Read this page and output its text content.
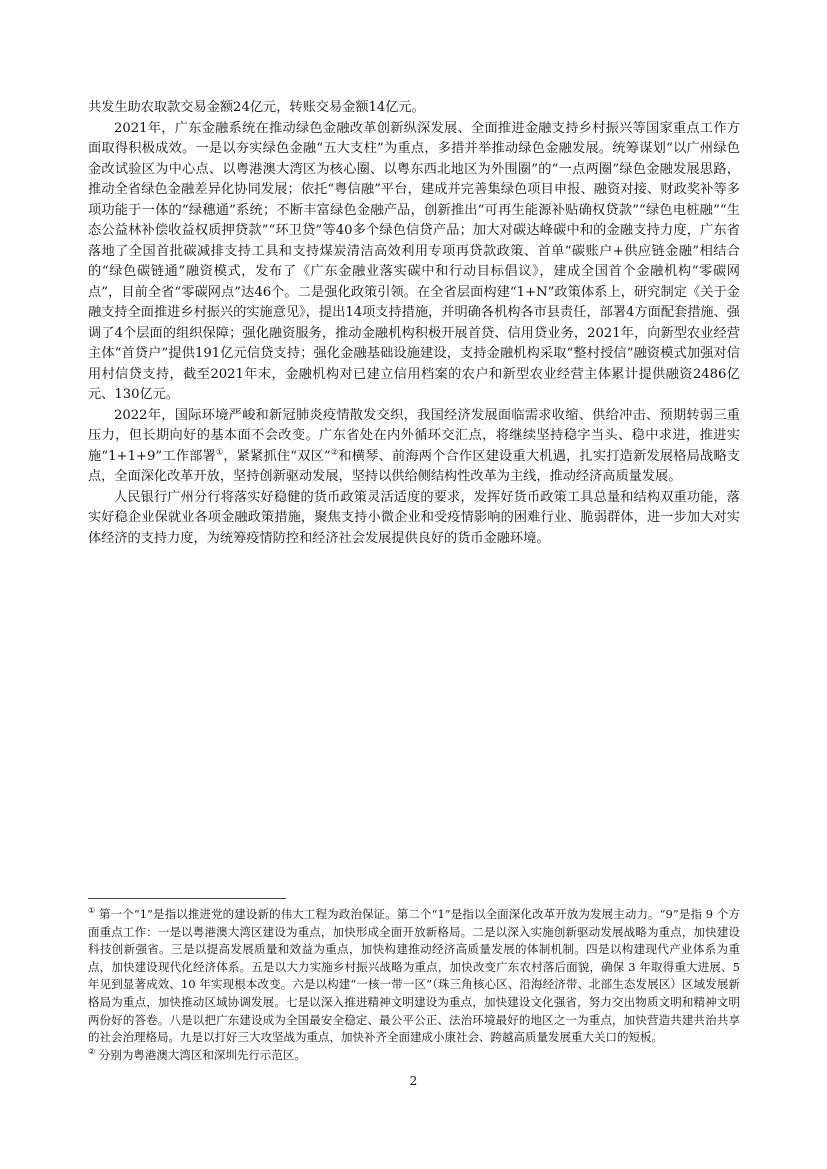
共发生助农取款交易金额24亿元，转账交易金额14亿元。

2021年，广东金融系统在推动绿色金融改革创新纵深发展、全面推进金融支持乡村振兴等国家重点工作方面取得积极成效。一是以夯实绿色金融“五大支柱”为重点，多措并举推动绿色金融发展。统筹谋划“以广州绿色金改试验区为中心点、以粤港澳大湾区为核心圈、以粤东西北地区为外围圈”的“一点两圈”绿色金融发展思路，推动全省绿色金融差异化协同发展；依托“粤信融”平台，建成并完善集绿色项目申报、融资对接、财政奖补等多项功能于一体的“绿穗通”系统；不断丰富绿色金融产品，创新推出“可再生能源补贴确权贷款”“绿色电桩融”“生态公益林补偿收益权质押贷款”“环卫贷”等40多个绿色信贷产品；加大对碳达峰碳中和的金融支持力度，广东省落地了全国首批碳减排支持工具和支持煤炭清洁高效利用专项再贷款政策、首单“碳账户+供应链金融”相结合的“绿色碳链通”融资模式，发布了《广东金融业落实碳中和行动目标倡议》，建成全国首个金融机构“零碳网点”，目前全省“零碳网点”达46个。二是强化政策引领。在全省层面构建“1+N”政策体系上，研究制定《关于金融支持全面推进乡村振兴的实施意见》，提出14项支持措施，并明确各机构各市县责任，部署4方面配套措施、强调了4个层面的组织保障；强化融资服务，推动金融机构积极开展首贷、信用贷业务，2021年，向新型农业经营主体“首贷户”提供191亿元信贷支持；强化金融基础设施建设，支持金融机构采取“整村授信”融资模式加强对信用村信贷支持，截至2021年末，金融机构对已建立信用档案的农户和新型农业经营主体累计提供融资2486亿元、130亿元。

2022年，国际环境严峻和新冠肺炎疫情散发交织，我国经济发展面临需求收缩、供给冲击、预期转弱三重压力，但长期向好的基本面不会改变。广东省处在内外循环交汇点，将继续坚持稳字当头、稳中求进，推进实施“1+1+9”工作部署①，紧紧抓住“双区”②和横琴、前海两个合作区建设重大机遇，扎实打造新发展格局战略支点，全面深化改革开放，坚持创新驱动发展，坚持以供给侧结构性改革为主线，推动经济高质量发展。

人民银行广州分行将落实好稳健的货币政策灵活适度的要求，发挥好货币政策工具总量和结构双重功能，落实好稳企业保就业各项金融政策措施，聚焦支持小微企业和受疫情影响的困难行业、脆弱群体，进一步加大对实体经济的支持力度，为统筹疫情防控和经济社会发展提供良好的货币金融环境。

① 第一个“1”是指以推进党的建设新的伟大工程为政治保证。第二个“1”是指以全面深化改革开放为发展主动力。“9”是指 9 个方面重点工作：一是以粤港澳大湾区建设为重点，加快形成全面开放新格局。二是以深入实施创新驱动发展战略为重点，加快建设科技创新强省。三是以提高发展质量和效益为重点，加快构建推动经济高质量发展的体制机制。四是以构建现代产业体系为重点，加快建设现代化经济体系。五是以大力实施乡村振兴战略为重点，加快改变广东农村落后面貌，确保 3 年取得重大进展、5 年见到显著成效、10 年实现根本改变。六是以构建“一核一带一区”（珠三角核心区、沿海经济带、北部生态发展区）区域发展新格局为重点，加快推动区域协调发展。七是以深入推进精神文明建设为重点，加快建设文化强省，努力交出物质文明和精神文明两份好的答卷。八是以把广东建设成为全国最安全稳定、最公平公正、法治环境最好的地区之一为重点，加快营造共建共治共享的社会治理格局。九是以打好三大攻坚战为重点，加快补齐全面建成小康社会、跨越高质量发展重大关口的短板。

② 分别为粤港澳大湾区和深圳先行示范区。

2
